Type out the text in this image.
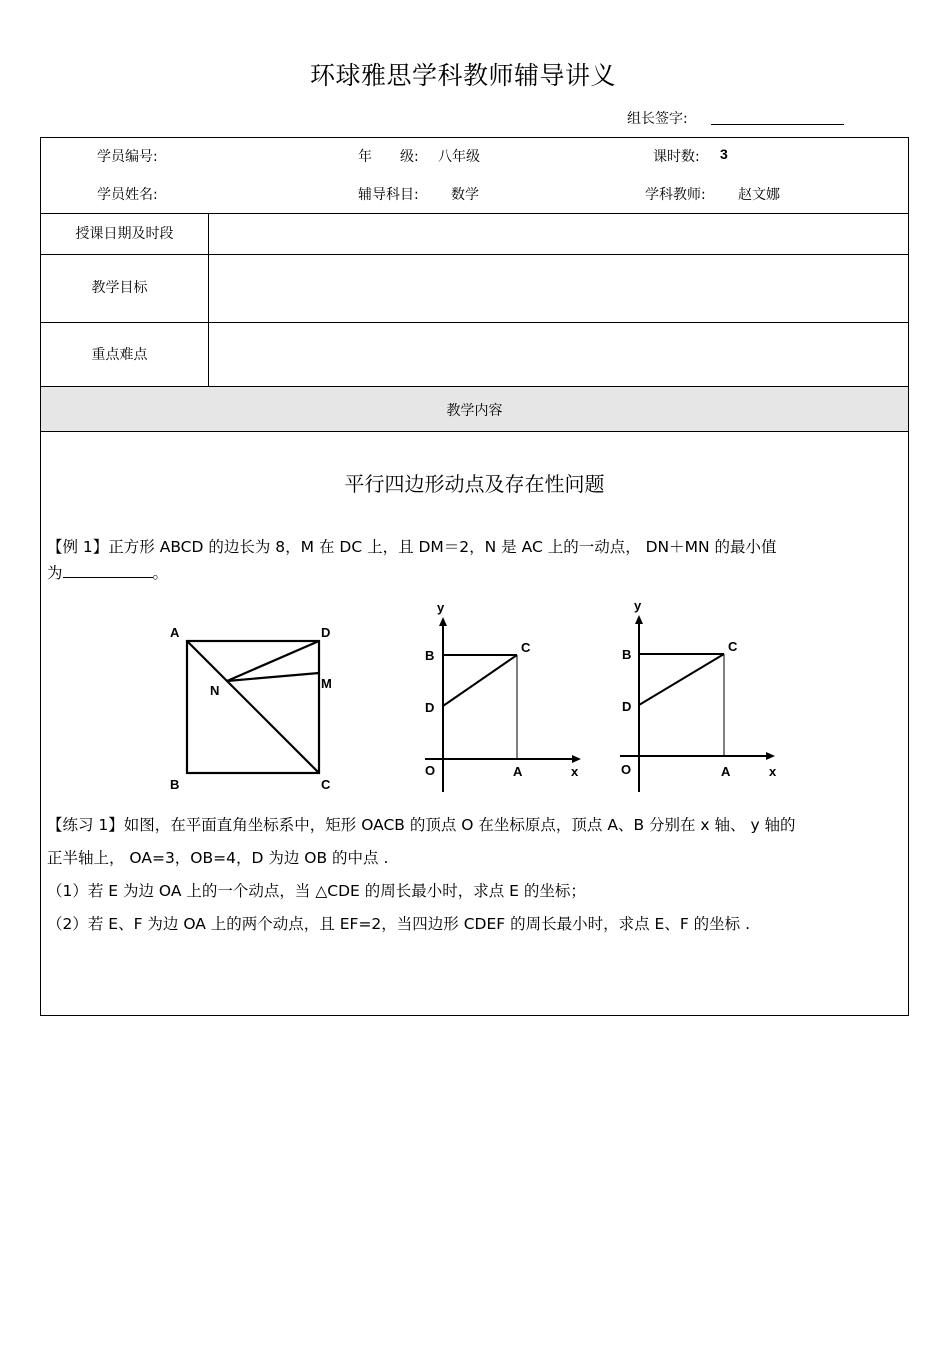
环球雅思学科教师辅导讲义
组长签字:
学员编号:	年　　级: 八年级	课时数: 3
学员姓名:	辅导科目: 数学	学科教师: 赵文娜
授课日期及时段
教学目标
重点难点
教学内容
平行四边形动点及存在性问题
【例 1】正方形 ABCD 的边长为 8，M 在 DC 上，且 DM＝2，N 是 AC 上的一动点， DN＋MN 的最小值
为	。
A	D
M
N
B	C
y
B
C
D
O	A	x
y
B
C
D
O	A	x
【练习 1】如图，在平面直角坐标系中，矩形 OACB 的顶点 O 在坐标原点，顶点 A、B 分别在 x 轴、 y 轴的
正半轴上， OA=3，OB=4，D 为边 OB 的中点 .
（1）若 E 为边 OA 上的一个动点，当 △CDE 的周长最小时，求点 E 的坐标；
（2）若 E、F 为边 OA 上的两个动点，且 EF=2，当四边形 CDEF 的周长最小时，求点 E、F 的坐标 .
